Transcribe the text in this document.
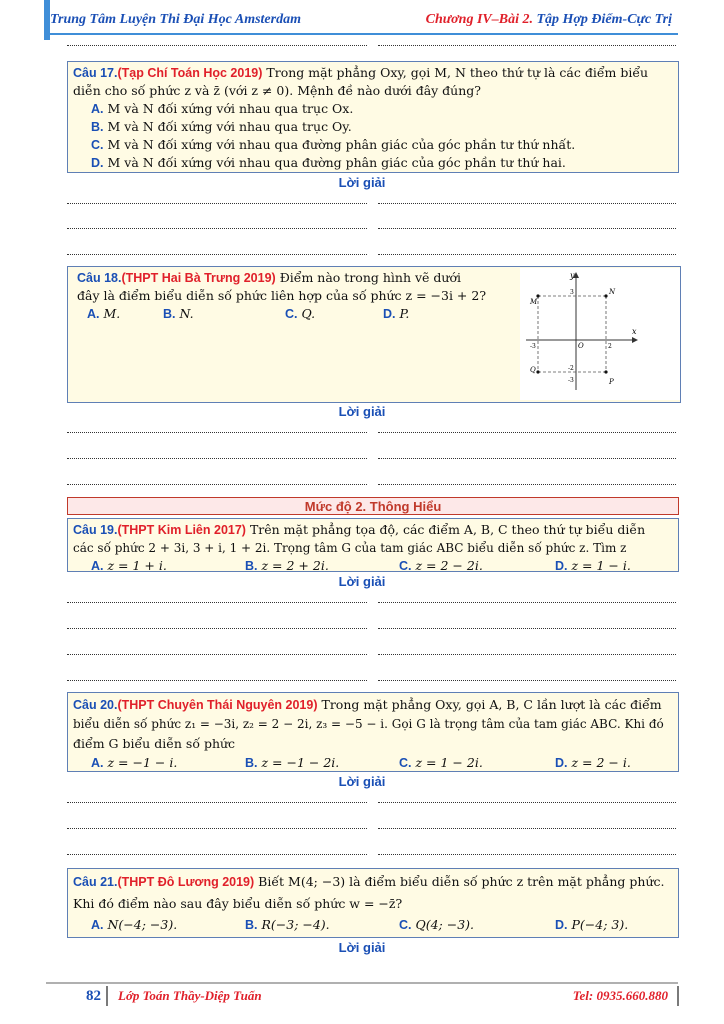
Trung Tâm Luyện Thi Đại Học Amsterdam	Chương IV–Bài 2. Tập Hợp Điểm-Cực Trị
Câu 17.(Tạp Chí Toán Học 2019) Trong mặt phẳng Oxy, gọi M, N theo thứ tự là các điểm biểu
diễn cho số phức z và z̄ (với z ≠ 0). Mệnh đề nào dưới đây đúng?
A. M và N đối xứng với nhau qua trục Ox.
B. M và N đối xứng với nhau qua trục Oy.
C. M và N đối xứng với nhau qua đường phân giác của góc phần tư thứ nhất.
D. M và N đối xứng với nhau qua đường phân giác của góc phần tư thứ hai.
Lời giải
Câu 18.(THPT Hai Bà Trưng 2019) Điểm nào trong hình vẽ dưới
đây là điểm biểu diễn số phức liên hợp của số phức z = −3i + 2?
A. M.	B. N.	C. Q.	D. P.
y
x
O
M
N
Q
P
-3	2
3
-2
-3
Lời giải
Mức độ 2. Thông Hiểu
Câu 19.(THPT Kim Liên 2017) Trên mặt phẳng tọa độ, các điểm A, B, C theo thứ tự biểu diễn
các số phức 2 + 3i, 3 + i, 1 + 2i. Trọng tâm G của tam giác ABC biểu diễn số phức z. Tìm z
A. z = 1 + i.	B. z = 2 + 2i.	C. z = 2 − 2i.	D. z = 1 − i.
Lời giải
Câu 20.(THPT Chuyên Thái Nguyên 2019) Trong mặt phẳng Oxy, gọi A, B, C lần lượt là các điểm
biểu diễn số phức z₁ = −3i, z₂ = 2 − 2i, z₃ = −5 − i. Gọi G là trọng tâm của tam giác ABC. Khi đó
điểm G biểu diễn số phức
A. z = −1 − i.	B. z = −1 − 2i.	C. z = 1 − 2i.	D. z = 2 − i.
Lời giải
Câu 21.(THPT Đô Lương 2019) Biết M(4; −3) là điểm biểu diễn số phức z trên mặt phẳng phức.
Khi đó điểm nào sau đây biểu diễn số phức w = −z̄?
A. N(−4; −3).	B. R(−3; −4).	C. Q(4; −3).	D. P(−4; 3).
Lời giải
82 Lớp Toán Thầy-Diệp Tuấn	Tel: 0935.660.880
